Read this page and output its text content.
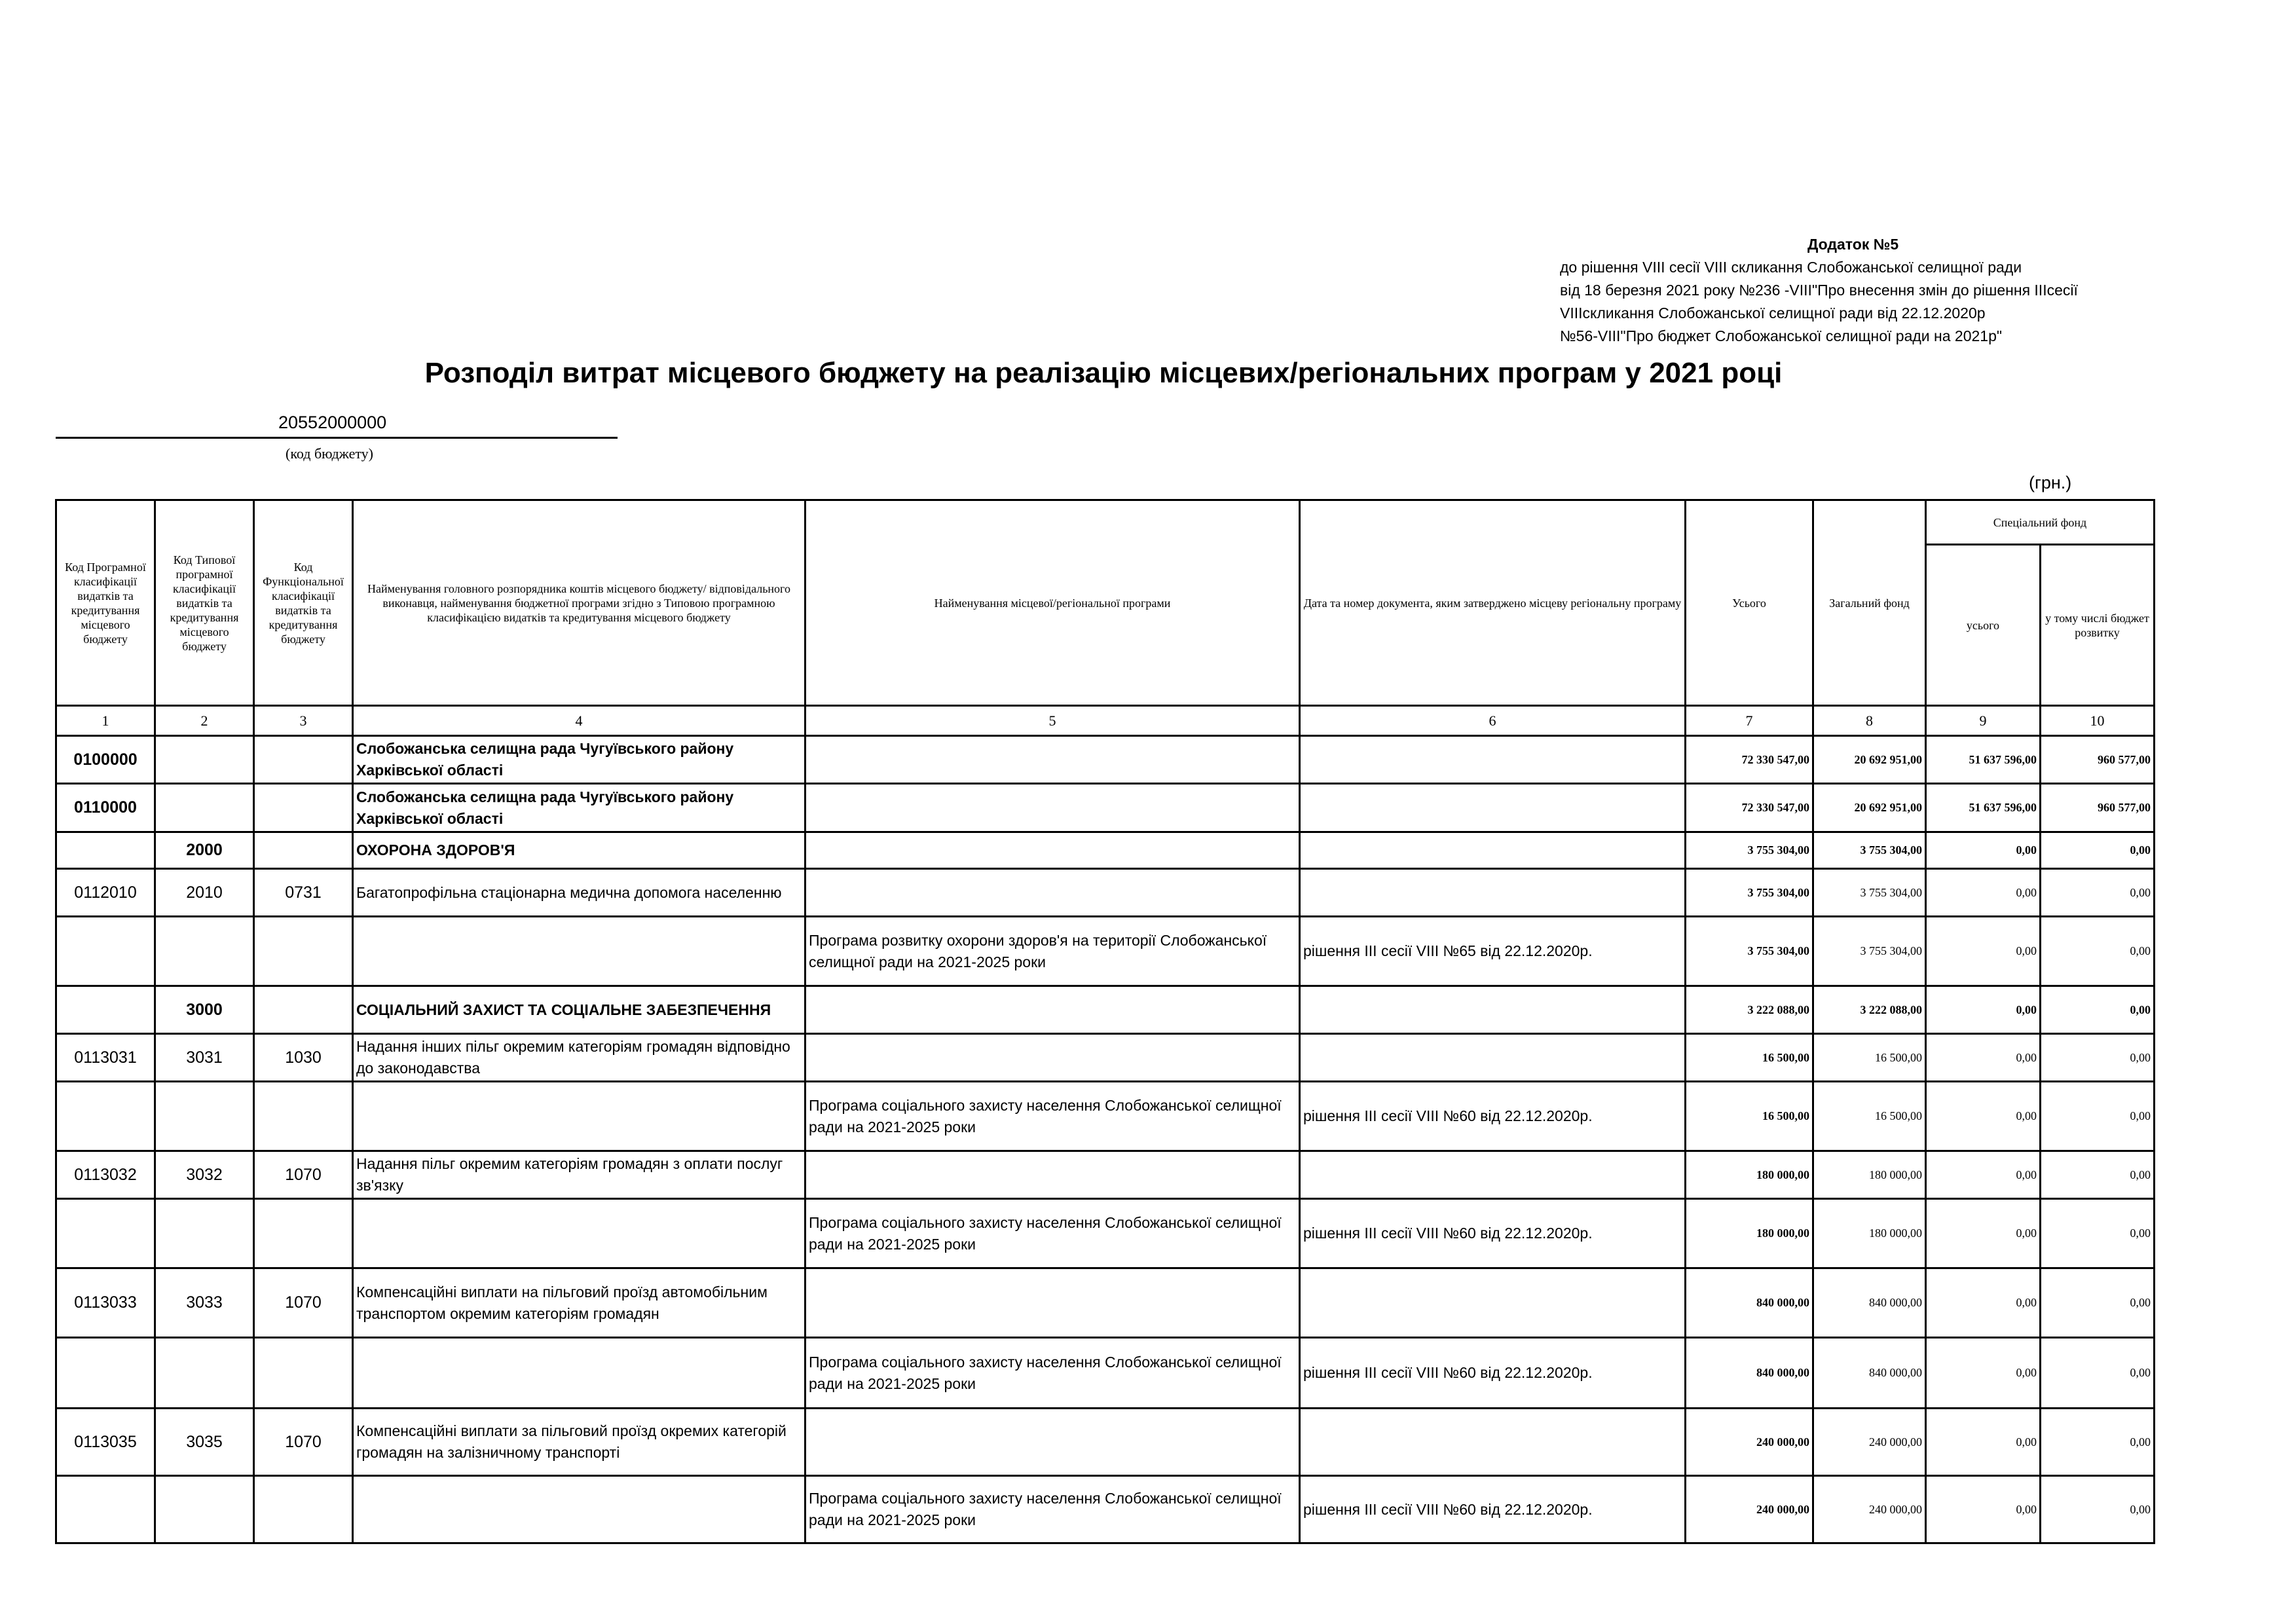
Додаток №5
до рішення VIII сесії VIII скликання Слобожанської селищної ради
від 18 березня 2021 року №236 -VIII"Про внесення змін до рішення IIIсесії
VIIIскликання Слобожанської селищної ради від 22.12.2020р
№56-VIII"Про бюджет Слобожанської селищної ради на 2021р"
Розподіл витрат місцевого бюджету на реалізацію місцевих/регіональних програм у 2021 році
20552000000
(код бюджету)
(грн.)
Код Програмної класифікації видатків та кредитування місцевого бюджету	Код Типової програмної класифікації видатків та кредитування місцевого бюджету	Код Функціональної класифікації видатків та кредитування бюджету	Найменування головного розпорядника коштів місцевого бюджету/ відповідального виконавця, найменування бюджетної програми згідно з Типовою програмною класифікацією видатків та кредитування місцевого бюджету	Найменування місцевої/регіональної програми	Дата та номер документа, яким затверджено місцеву регіональну програму	Усього	Загальний фонд	Спеціальний фонд	
								усього	у тому числі бюджет розвитку
1	2	3	4	5	6	7	8	9	10
0100000			Слобожанська селищна рада Чугуївського району Харківської області			72 330 547,00	20 692 951,00	51 637 596,00	960 577,00
0110000			Слобожанська селищна рада Чугуївського району Харківської області			72 330 547,00	20 692 951,00	51 637 596,00	960 577,00
	2000		ОХОРОНА ЗДОРОВ'Я			3 755 304,00	3 755 304,00	0,00	0,00
0112010	2010	0731	Багатопрофільна стаціонарна медична допомога населенню			3 755 304,00	3 755 304,00	0,00	0,00
				Програма розвитку охорони здоров'я на території Слобожанської селищної ради на 2021-2025 роки	рішення III сесії VIII №65 від 22.12.2020р.	3 755 304,00	3 755 304,00	0,00	0,00
	3000		СОЦІАЛЬНИЙ ЗАХИСТ ТА СОЦІАЛЬНЕ ЗАБЕЗПЕЧЕННЯ			3 222 088,00	3 222 088,00	0,00	0,00
0113031	3031	1030	Надання інших пільг окремим категоріям громадян відповідно до законодавства			16 500,00	16 500,00	0,00	0,00
				Програма соціального захисту населення Слобожанської селищної ради на 2021-2025 роки	рішення III сесії VIII №60 від 22.12.2020р.	16 500,00	16 500,00	0,00	0,00
0113032	3032	1070	Надання пільг окремим категоріям громадян з оплати послуг зв'язку			180 000,00	180 000,00	0,00	0,00
				Програма соціального захисту населення Слобожанської селищної ради на 2021-2025 роки	рішення III сесії VIII №60 від 22.12.2020р.	180 000,00	180 000,00	0,00	0,00
0113033	3033	1070	Компенсаційні виплати на пільговий проїзд автомобільним транспортом окремим категоріям громадян			840 000,00	840 000,00	0,00	0,00
				Програма соціального захисту населення Слобожанської селищної ради на 2021-2025 роки	рішення III сесії VIII №60 від 22.12.2020р.	840 000,00	840 000,00	0,00	0,00
0113035	3035	1070	Компенсаційні виплати за пільговий проїзд окремих категорій громадян на залізничному транспорті			240 000,00	240 000,00	0,00	0,00
				Програма соціального захисту населення Слобожанської селищної ради на 2021-2025 роки	рішення III сесії VIII №60 від 22.12.2020р.	240 000,00	240 000,00	0,00	0,00
